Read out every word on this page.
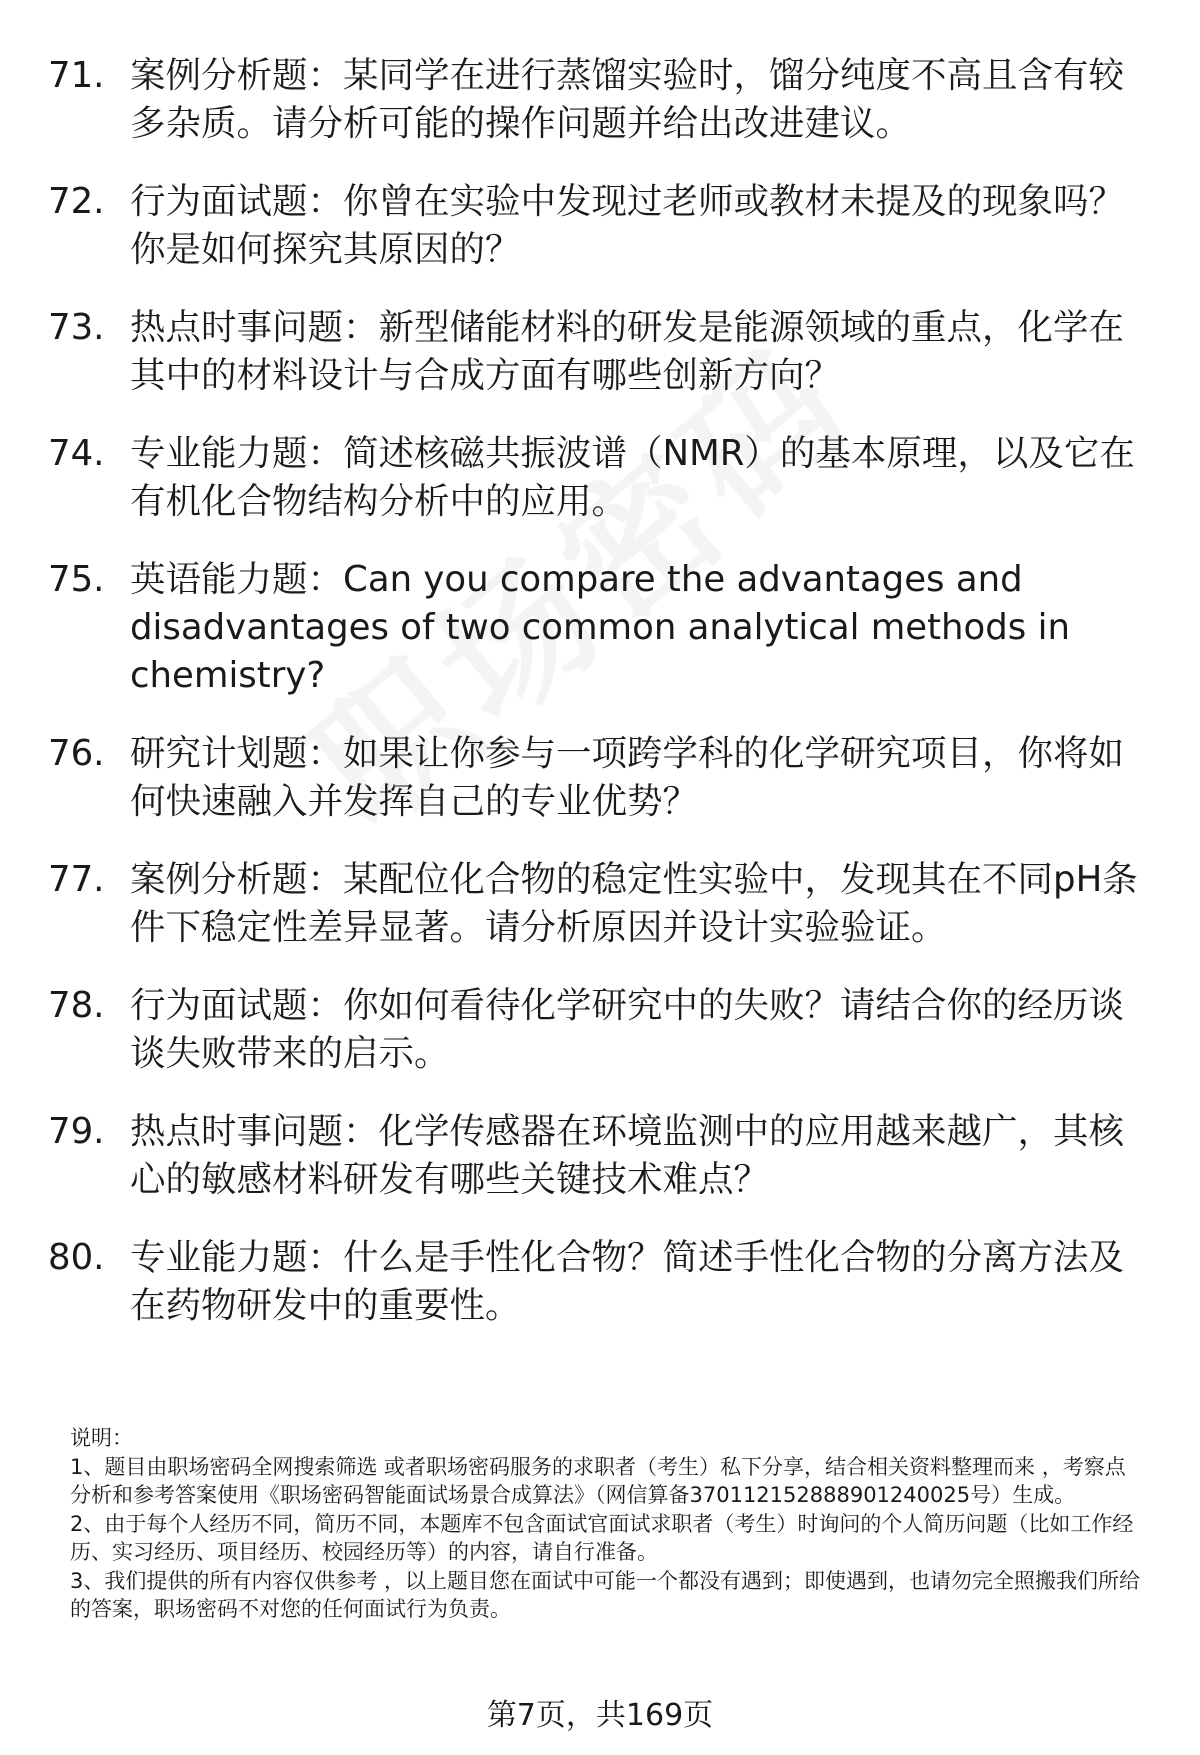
71. 案例分析题：某同学在进行蒸馏实验时，馏分纯度不高且含有较多杂质。请分析可能的操作问题并给出改进建议。
72. 行为面试题：你曾在实验中发现过老师或教材未提及的现象吗？你是如何探究其原因的？
73. 热点时事问题：新型储能材料的研发是能源领域的重点，化学在其中的材料设计与合成方面有哪些创新方向？
74. 专业能力题：简述核磁共振波谱（NMR）的基本原理，以及它在有机化合物结构分析中的应用。
75. 英语能力题：Can you compare the advantages and disadvantages of two common analytical methods in chemistry?
76. 研究计划题：如果让你参与一项跨学科的化学研究项目，你将如何快速融入并发挥自己的专业优势？
77. 案例分析题：某配位化合物的稳定性实验中，发现其在不同pH条件下稳定性差异显著。请分析原因并设计实验验证。
78. 行为面试题：你如何看待化学研究中的失败？请结合你的经历谈谈失败带来的启示。
79. 热点时事问题：化学传感器在环境监测中的应用越来越广，其核心的敏感材料研发有哪些关键技术难点？
80. 专业能力题：什么是手性化合物？简述手性化合物的分离方法及在药物研发中的重要性。

说明：

1、题目由职场密码全网搜索筛选 或者职场密码服务的求职者（考生）私下分享，结合相关资料整理而来 ，考察点分析和参考答案使用《职场密码智能面试场景合成算法》（网信算备370112152888901240025号）生成。

2、由于每个人经历不同，简历不同，本题库不包含面试官面试求职者（考生）时询问的个人简历问题（比如工作经历、实习经历、项目经历、校园经历等）的内容，请自行准备。

3、我们提供的所有内容仅供参考 ，以上题目您在面试中可能一个都没有遇到；即使遇到，也请勿完全照搬我们所给的答案，职场密码不对您的任何面试行为负责。

第7页，共169页
